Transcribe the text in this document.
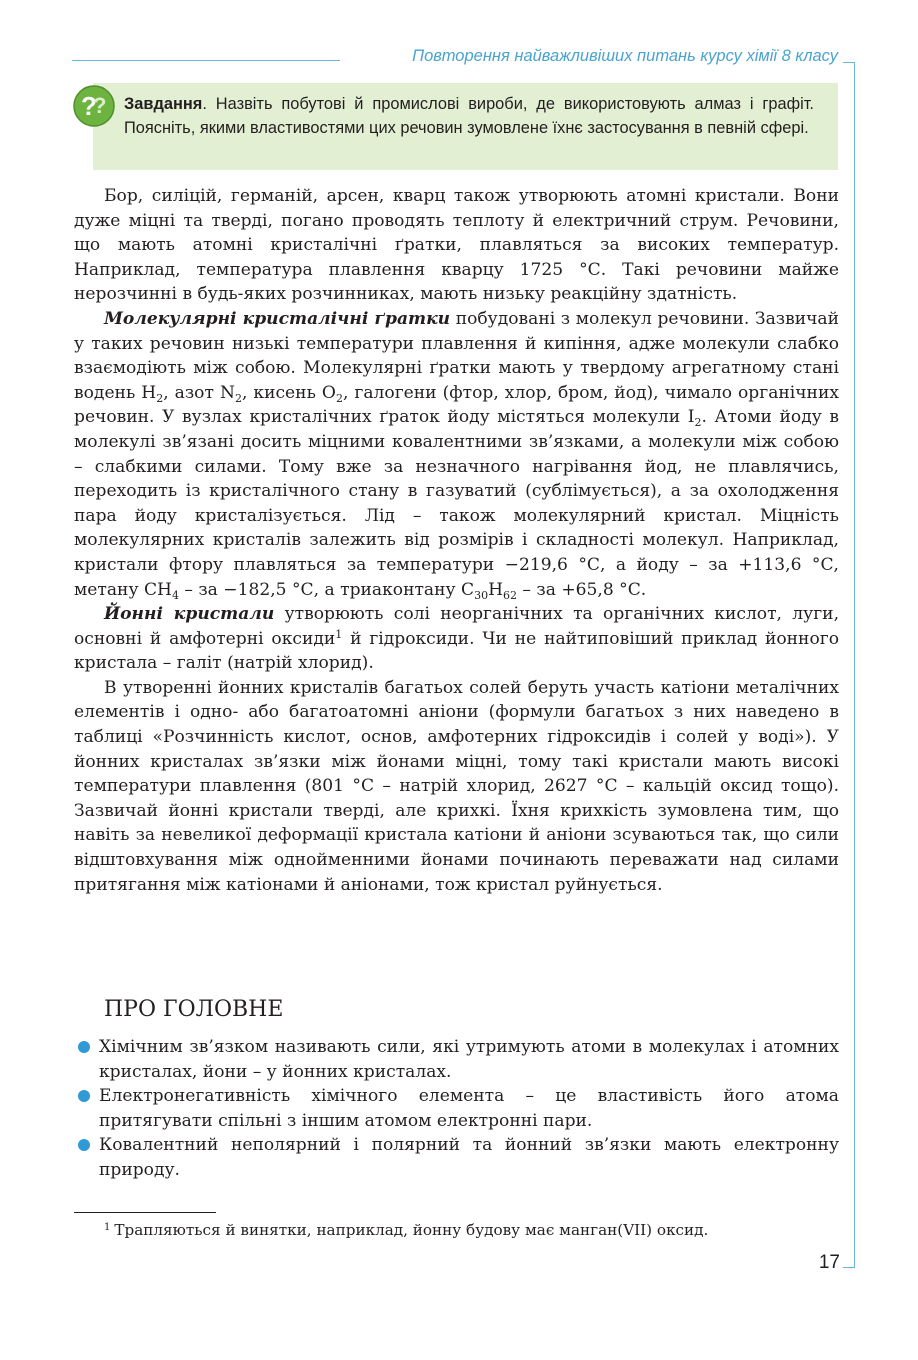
Повторення найважливіших питань курсу хімії 8 класу
?
? Завдання. Назвіть побутові й промислові вироби, де використовують алмаз і графіт. Поясніть, якими властивостями цих речовин зумовлене їхнє застосування в певній сфері.

Бор, силіцій, германій, арсен, кварц також утворюють атомні кристали. Вони дуже міцні та тверді, погано проводять теплоту й електричний струм. Речовини, що мають атомні кристалічні ґратки, плавляться за високих температур. Наприклад, температура плавлення кварцу 1725 °С. Такі речовини майже нерозчинні в будь-яких розчинниках, мають низьку реакційну здатність.

Молекулярні кристалічні ґратки побудовані з молекул речовини. Зазвичай у таких речовин низькі температури плавлення й кипіння, адже молекули слабко взаємодіють між собою. Молекулярні ґратки мають у твердому агрегатному стані водень $Н_2$, азот $N_2$, кисень $О_2$, галогени (фтор, хлор, бром, йод), чимало органічних речовин. У вузлах кристалічних ґраток йоду містяться молекули $I_2$. Атоми йоду в молекулі зв’язані досить міцними ковалентними зв’язками, а молекули між собою – слабкими силами. Тому вже за незначного нагрівання йод, не плавлячись, переходить із кристалічного стану в газуватий (сублімується), а за охолодження пара йоду кристалізується. Лід – також молекулярний кристал. Міцність молекулярних кристалів залежить від розмірів і складності молекул. Наприклад, кристали фтору плавляться за температури −219,6 °С, а йоду – за +113,6 °С, метану $СН_4$ – за −182,5 °С, а триаконтану $С_{30}Н_{62}$ – за +65,8 °С.

Йонні кристали утворюють солі неорганічних та органічних кислот, луги, основні й амфотерні оксиди$^1$ й гідроксиди. Чи не найтиповіший приклад йонного кристала – галіт (натрій хлорид).

В утворенні йонних кристалів багатьох солей беруть участь катіони металічних елементів і одно- або багатоатомні аніони (формули багатьох з них наведено в таблиці «Розчинність кислот, основ, амфотерних гідроксидів і солей у воді»). У йонних кристалах зв’язки між йонами міцні, тому такі кристали мають високі температури плавлення (801 °С – натрій хлорид, 2627 °С – кальцій оксид тощо). Зазвичай йонні кристали тверді, але крихкі. Їхня крихкість зумовлена тим, що навіть за невеликої деформації кристала катіони й аніони зсуваються так, що сили відштовхування між однойменними йонами починають переважати над силами притягання між катіонами й аніонами, тож кристал руйнується.

ПРО ГОЛОВНЕ
Хімічним зв’язком називають сили, які утримують атоми в молекулах і атомних кристалах, йони – у йонних кристалах.
Електронегативність хімічного елемента – це властивість його атома притягувати спільні з іншим атомом електронні пари.
Ковалентний неполярний і полярний та йонний зв’язки мають електронну природу.
$^1$ Трапляються й винятки, наприклад, йонну будову має манган(VII) оксид.
17
